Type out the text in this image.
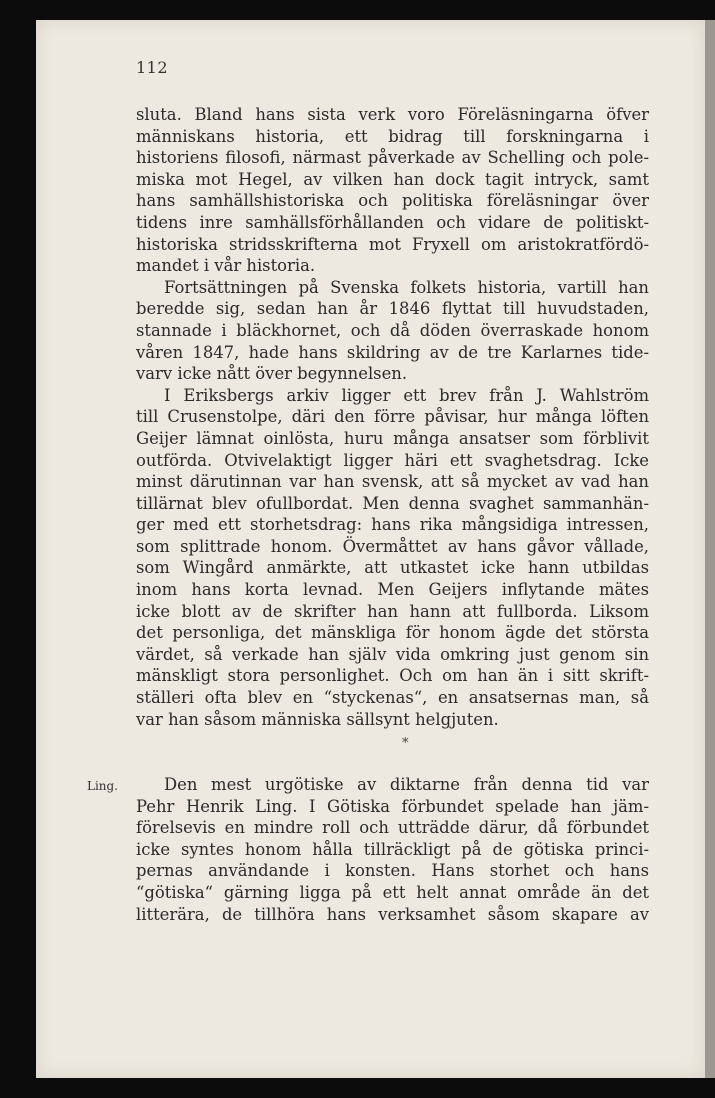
112
sluta. Bland hans sista verk voro Föreläsningarna öfver
människans historia, ett bidrag till forskningarna i
historiens filosofi, närmast påverkade av Schelling och pole-
miska mot Hegel, av vilken han dock tagit intryck, samt
hans samhällshistoriska och politiska föreläsningar över
tidens inre samhällsförhållanden och vidare de politiskt-
historiska stridsskrifterna mot Fryxell om aristokratfördö-
mandet i vår historia.
Fortsättningen på Svenska folkets historia, vartill han
beredde sig, sedan han år 1846 flyttat till huvudstaden,
stannade i bläckhornet, och då döden överraskade honom
våren 1847, hade hans skildring av de tre Karlarnes tide-
varv icke nått över begynnelsen.
I Eriksbergs arkiv ligger ett brev från J. Wahlström
till Crusenstolpe, däri den förre påvisar, hur många löften
Geijer lämnat oinlösta, huru många ansatser som förblivit
outförda. Otvivelaktigt ligger häri ett svaghetsdrag. Icke
minst därutinnan var han svensk, att så mycket av vad han
tillärnat blev ofullbordat. Men denna svaghet sammanhän-
ger med ett storhetsdrag: hans rika mångsidiga intressen,
som splittrade honom. Övermåttet av hans gåvor vållade,
som Wingård anmärkte, att utkastet icke hann utbildas
inom hans korta levnad. Men Geijers inflytande mätes
icke blott av de skrifter han hann att fullborda. Liksom
det personliga, det mänskliga för honom ägde det största
värdet, så verkade han själv vida omkring just genom sin
mänskligt stora personlighet. Och om han än i sitt skrift-
ställeri ofta blev en “styckenas“, en ansatsernas man, så
var han såsom människa sällsynt helgjuten.
*
Ling.	Den mest urgötiske av diktarne från denna tid var
Pehr Henrik Ling. I Götiska förbundet spelade han jäm-
förelsevis en mindre roll och utträdde därur, då förbundet
icke syntes honom hålla tillräckligt på de götiska princi-
pernas användande i konsten. Hans storhet och hans
“götiska“ gärning ligga på ett helt annat område än det
litterära, de tillhöra hans verksamhet såsom skapare av
